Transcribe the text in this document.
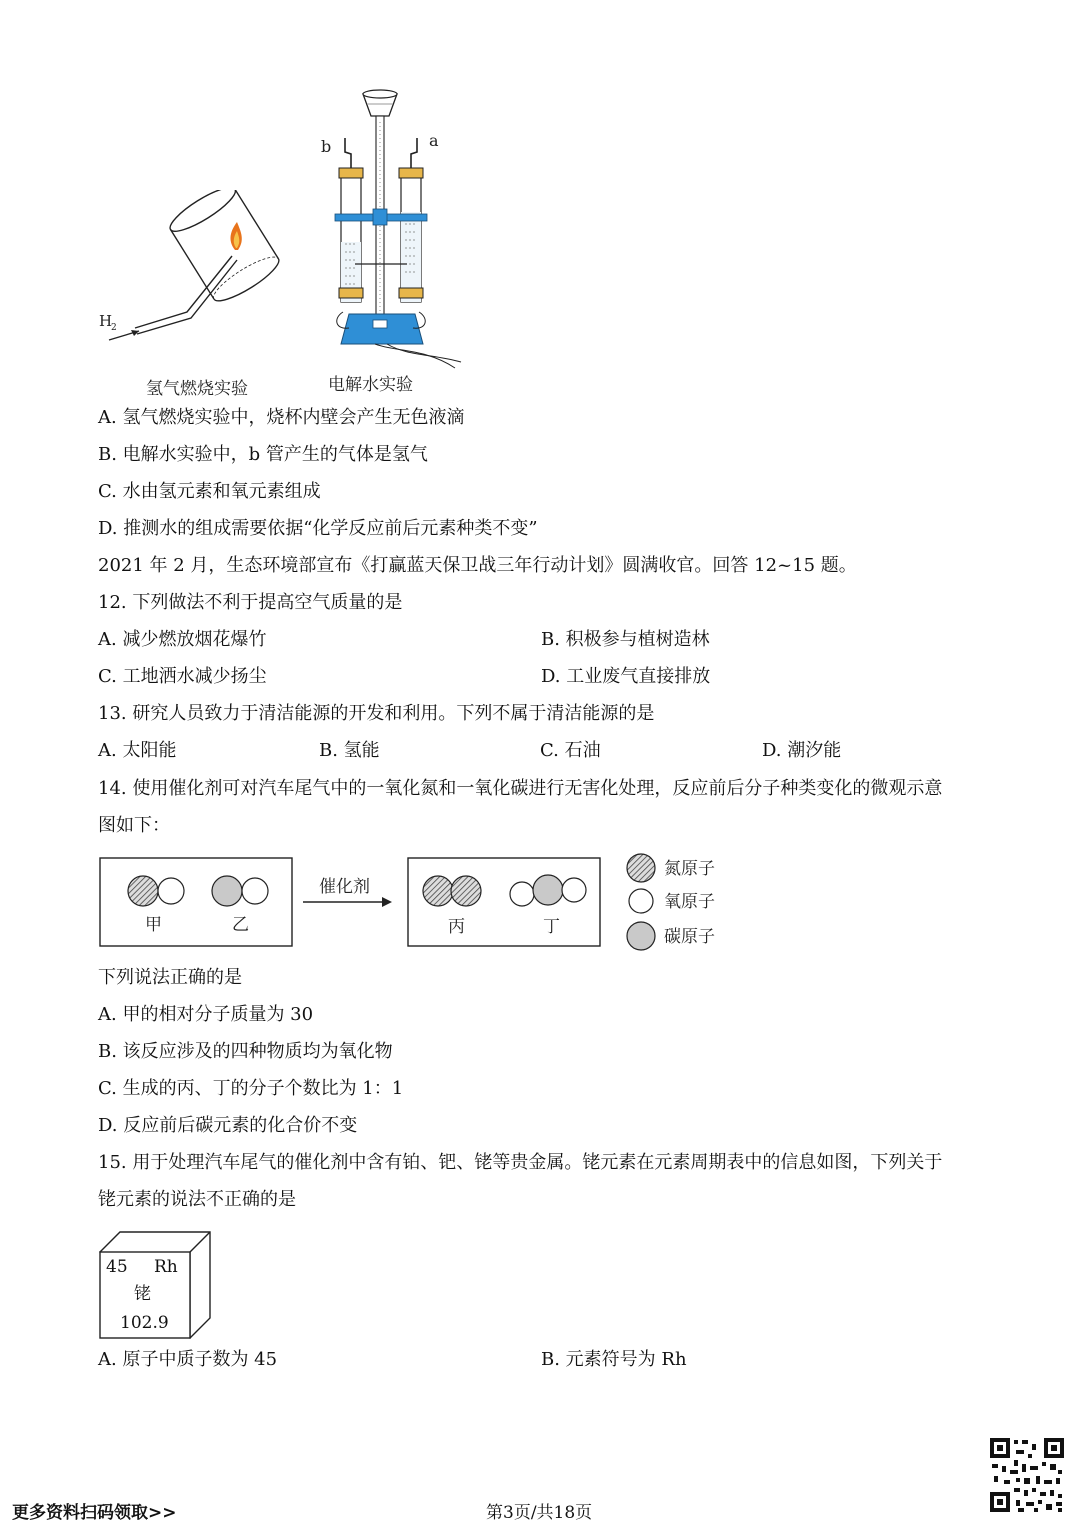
H
2
氢气燃烧实验
b	a
电解水实验
A. 氢气燃烧实验中，烧杯内壁会产生无色液滴
B. 电解水实验中，b 管产生的气体是氢气
C. 水由氢元素和氧元素组成
D. 推测水的组成需要依据“化学反应前后元素种类不变”
2021 年 2 月，生态环境部宣布《打赢蓝天保卫战三年行动计划》圆满收官。回答 12~15 题。
12. 下列做法不利于提高空气质量的是
A. 减少燃放烟花爆竹	B. 积极参与植树造林
C. 工地洒水减少扬尘	D. 工业废气直接排放
13. 研究人员致力于清洁能源的开发和利用。下列不属于清洁能源的是
A. 太阳能	B. 氢能	C. 石油	D. 潮汐能
14. 使用催化剂可对汽车尾气中的一氧化氮和一氧化碳进行无害化处理，反应前后分子种类变化的微观示意
图如下：
甲	乙
催化剂
丙	丁
氮原子
氧原子
碳原子
下列说法正确的是
A. 甲的相对分子质量为 30
B. 该反应涉及的四种物质均为氧化物
C. 生成的丙、丁的分子个数比为 1：1
D. 反应前后碳元素的化合价不变
15. 用于处理汽车尾气的催化剂中含有铂、钯、铑等贵金属。铑元素在元素周期表中的信息如图，下列关于
铑元素的说法不正确的是
45 Rh
铑
102.9
A. 原子中质子数为 45	B. 元素符号为 Rh
更多资料扫码领取>>	第3页/共18页
